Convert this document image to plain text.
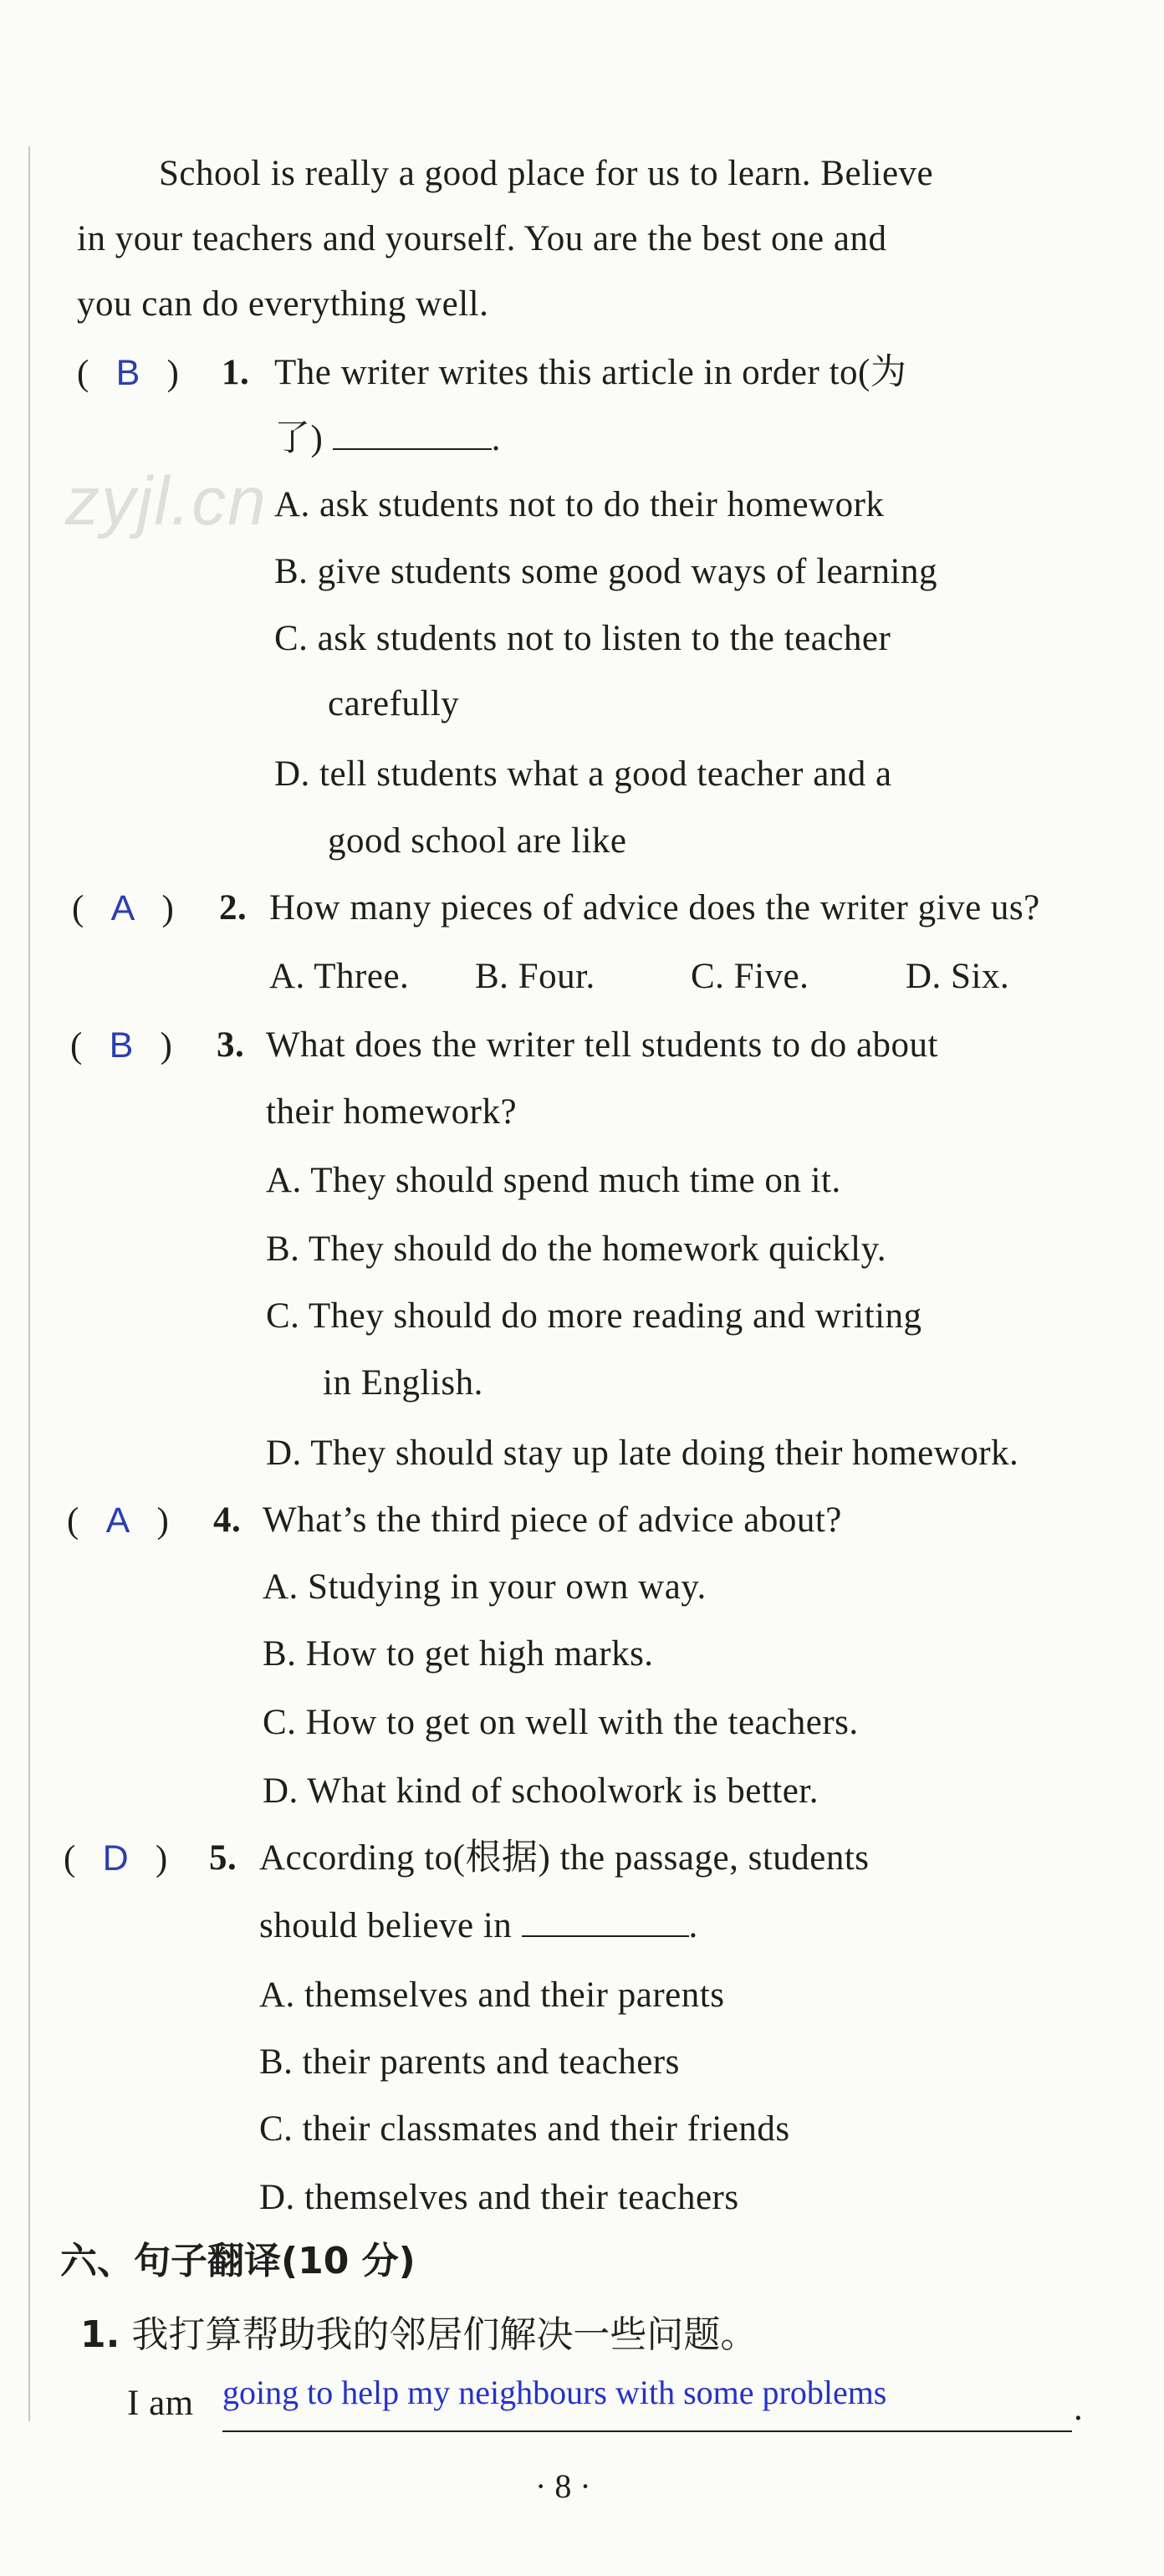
zyjl.cn
School is really a good place for us to learn. Believe
in your teachers and yourself. You are the best one and
you can do everything well.
(   B   ) 1. The writer writes this article in order to(为
了)	.
A. ask students not to do their homework
B. give students some good ways of learning
C. ask students not to listen to the teacher
carefully
D. tell students what a good teacher and a
good school are like
(   A   ) 2. How many pieces of advice does the writer give us?
A. Three. B. Four.	C. Five.	D. Six.
(   B   ) 3. What does the writer tell students to do about
their homework?
A. They should spend much time on it.
B. They should do the homework quickly.
C. They should do more reading and writing
in English.
D. They should stay up late doing their homework.
(   A   ) 4. What’s the third piece of advice about?
A. Studying in your own way.
B. How to get high marks.
C. How to get on well with the teachers.
D. What kind of schoolwork is better.
(   D   ) 5. According to(根据) the passage, students
should believe in	.
A. themselves and their parents
B. their parents and teachers
C. their classmates and their friends
D. themselves and their teachers
六、句子翻译(10 分)
1. 我打算帮助我的邻居们解决一些问题。
I am going to help my neighbours with some problems	.
· 8 ·
